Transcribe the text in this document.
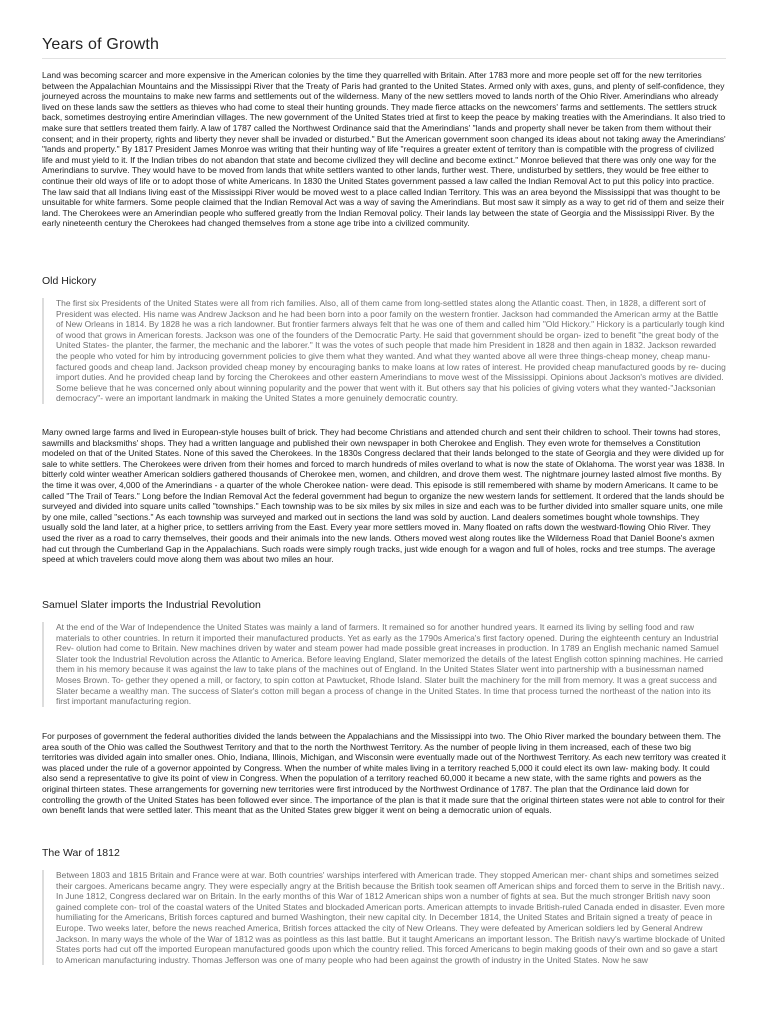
Years of Growth

Land was becoming scarcer and more expensive in the American colonies by the time they quarrelled with Britain. After 1783 more and more people set off for the new territories between the Appalachian Mountains and the Mississippi River that the Treaty of Paris had granted to the United States. Armed only with axes, guns, and plenty of self-confidence, they journeyed across the mountains to make new farms and settlements out of the wilderness. Many of the new settlers moved to lands north of the Ohio River. Amerindians who already lived on these lands saw the settlers as thieves who had come to steal their hunting grounds. They made fierce attacks on the newcomers' farms and settlements. The settlers struck back, sometimes destroying entire Amerindian villages. The new government of the United States tried at first to keep the peace by making treaties with the Amerindians. It also tried to make sure that settlers treated them fairly. A law of 1787 called the Northwest Ordinance said that the Amerindians' "lands and property shall never be taken from them without their consent; and in their property, rights and liberty they never shall be invaded or disturbed." But the American government soon changed its ideas about not taking away the Amerindians' "lands and property." By 1817 President James Monroe was writing that their hunting way of life "requires a greater extent of territory than is compatible with the progress of civilized life and must yield to it. If the Indian tribes do not abandon that state and become civilized they will decline and become extinct." Monroe believed that there was only one way for the Amerindians to survive. They would have to be moved from lands that white settlers wanted to other lands, further west. There, undisturbed by settlers, they would be free either to continue their old ways of life or to adopt those of white Americans. In 1830 the United States government passed a law called the Indian Removal Act to put this policy into practice. The law said that all Indians living east of the Mississippi River would be moved west to a place called Indian Territory. This was an area beyond the Mississippi that was thought to be unsuitable for white farmers. Some people claimed that the Indian Removal Act was a way of saving the Amerindians. But most saw it simply as a way to get rid of them and seize their land. The Cherokees were an Amerindian people who suffered greatly from the Indian Removal policy. Their lands lay between the state of Georgia and the Mississippi River. By the early nineteenth century the Cherokees had changed themselves from a stone age tribe into a civilized community.

Old Hickory

The first six Presidents of the United States were all from rich families. Also, all of them came from long-settled states along the Atlantic coast. Then, in 1828, a different sort of President was elected. His name was Andrew Jackson and he had been born into a poor family on the western frontier. Jackson had commanded the American army at the Battle of New Orleans in 1814. By 1828 he was a rich landowner. But frontier farmers always felt that he was one of them and called him "Old Hickory." Hickory is a particularly tough kind of wood that grows in American forests. Jackson was one of the founders of the Democratic Party. He said that government should be organ- ized to benefit "the great body of the United States- the planter, the farmer, the mechanic and the laborer." It was the votes of such people that made him President in 1828 and then again in 1832. Jackson rewarded the people who voted for him by introducing government policies to give them what they wanted. And what they wanted above all were three things-cheap money, cheap manu- factured goods and cheap land. Jackson provided cheap money by encouraging banks to make loans at low rates of interest. He provided cheap manufactured goods by re- ducing import duties. And he provided cheap land by forcing the Cherokees and other eastern Amerindians to move west of the Mississippi. Opinions about Jackson's motives are divided. Some believe that he was concerned only about winning popularity and the power that went with it. But others say that his policies of giving voters what they wanted-"Jacksonian democracy"- were an important landmark in making the United States a more genuinely democratic country.

Many owned large farms and lived in European-style houses built of brick. They had become Christians and attended church and sent their children to school. Their towns had stores, sawmills and blacksmiths' shops. They had a written language and published their own newspaper in both Cherokee and English. They even wrote for themselves a Constitution modeled on that of the United States. None of this saved the Cherokees. In the 1830s Congress declared that their lands belonged to the state of Georgia and they were divided up for sale to white settlers. The Cherokees were driven from their homes and forced to march hundreds of miles overland to what is now the state of Oklahoma. The worst year was 1838. In bitterly cold winter weather American soldiers gathered thousands of Cherokee men, women, and children, and drove them west. The nightmare journey lasted almost five months. By the time it was over, 4,000 of the Amerindians - a quarter of the whole Cherokee nation- were dead. This episode is still remembered with shame by modern Americans. It came to be called "The Trail of Tears." Long before the Indian Removal Act the federal government had begun to organize the new western lands for settlement. It ordered that the lands should be surveyed and divided into square units called "townships." Each township was to be six miles by six miles in size and each was to be further divided into smaller square units, one mile by one mile, called "sections." As each township was surveyed and marked out in sections the land was sold by auction. Land dealers sometimes bought whole townships. They usually sold the land later, at a higher price, to settlers arriving from the East. Every year more settlers moved in. Many floated on rafts down the westward-flowing Ohio River. They used the river as a road to carry themselves, their goods and their animals into the new lands. Others moved west along routes like the Wilderness Road that Daniel Boone's axmen had cut through the Cumberland Gap in the Appalachians. Such roads were simply rough tracks, just wide enough for a wagon and full of holes, rocks and tree stumps. The average speed at which travelers could move along them was about two miles an hour.

Samuel Slater imports the Industrial Revolution

At the end of the War of Independence the United States was mainly a land of farmers. It remained so for another hundred years. It earned its living by selling food and raw materials to other countries. In return it imported their manufactured products. Yet as early as the 1790s America's first factory opened. During the eighteenth century an Industrial Rev- olution had come to Britain. New machines driven by water and steam power had made possible great increases in production. In 1789 an English mechanic named Samuel Slater took the Industrial Revolution across the Atlantic to America. Before leaving England, Slater memorized the details of the latest English cotton spinning machines. He carried them in his memory because it was against the law to take plans of the machines out of England. In the United States Slater went into partnership with a businessman named Moses Brown. To- gether they opened a mill, or factory, to spin cotton at Pawtucket, Rhode Island. Slater built the machinery for the mill from memory. It was a great success and Slater became a wealthy man. The success of Slater's cotton mill began a process of change in the United States. In time that process turned the northeast of the nation into its first important manufacturing region.

For purposes of government the federal authorities divided the lands between the Appalachians and the Mississippi into two. The Ohio River marked the boundary between them. The area south of the Ohio was called the Southwest Territory and that to the north the Northwest Territory. As the number of people living in them increased, each of these two big territories was divided again into smaller ones. Ohio, Indiana, Illinois, Michigan, and Wisconsin were eventually made out of the Northwest Territory. As each new territory was created it was placed under the rule of a governor appointed by Congress. When the number of white males living in a territory reached 5,000 it could elect its own law- making body. It could also send a representative to give its point of view in Congress. When the population of a territory reached 60,000 it became a new state, with the same rights and powers as the original thirteen states. These arrangements for governing new territories were first introduced by the Northwest Ordinance of 1787. The plan that the Ordinance laid down for controlling the growth of the United States has been followed ever since. The importance of the plan is that it made sure that the original thirteen states were not able to control for their own benefit lands that were settled later. This meant that as the United States grew bigger it went on being a democratic union of equals.

The War of 1812

Between 1803 and 1815 Britain and France were at war. Both countries' warships interfered with American trade. They stopped American mer- chant ships and sometimes seized their cargoes. Americans became angry. They were especially angry at the British because the British took seamen off American ships and forced them to serve in the British navy.. In June 1812, Congress declared war on Britain. In the early months of this War of 1812 American ships won a number of fights at sea. But the much stronger British navy soon gained complete con- trol of the coastal waters of the United States and blockaded American ports. American attempts to invade British-ruled Canada ended in disaster. Even more humiliating for the Americans, British forces captured and burned Washington, their new capital city. In December 1814, the United States and Britain signed a treaty of peace in Europe. Two weeks later, before the news reached America, British forces attacked the city of New Orleans. They were defeated by American soldiers led by General Andrew Jackson. In many ways the whole of the War of 1812 was as pointless as this last battle. But it taught Americans an important lesson. The British navy's wartime blockade of United States ports had cut off the imported European manufactured goods upon which the country relied. This forced Americans to begin making goods of their own and so gave a start to American manufacturing industry. Thomas Jefferson was one of many people who had been against the growth of industry in the United States. Now he saw
